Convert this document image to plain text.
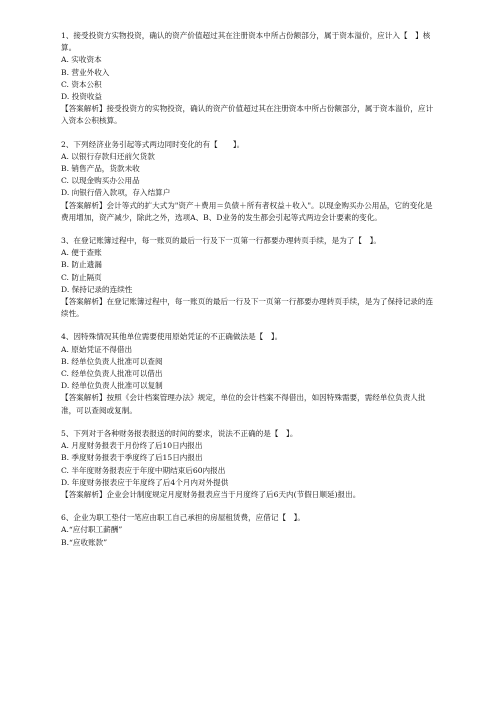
1、接受投资方实物投资，确认的资产价值超过其在注册资本中所占份额部分，属于资本溢价，应计入【　】核算。
A. 实收资本
B. 营业外收入
C. 资本公积
D. 投资收益
【答案解析】接受投资方的实物投资，确认的资产价值超过其在注册资本中所占份额部分，属于资本溢价，应计入资本公积核算。
2、下列经济业务引起等式两边同时变化的有【　　】。
A. 以银行存款归还前欠货款
B. 销售产品，货款未收
C. 以现金购买办公用品
D. 向银行借入款项，存入结算户
【答案解析】会计等式的扩大式为"资产＋费用＝负债＋所有者权益＋收入"。以现金购买办公用品，它的变化是费用增加，资产减少，除此之外，选项A、B、D业务的发生都会引起等式两边会计要素的变化。
3、在登记账簿过程中，每一账页的最后一行及下一页第一行都要办理转页手续，是为了【　】。
A. 便于查账
B. 防止遗漏
C. 防止隔页
D. 保持记录的连续性
【答案解析】在登记账簿过程中，每一账页的最后一行及下一页第一行都要办理转页手续，是为了保持记录的连续性。
4、因特殊情况其他单位需要使用原始凭证的不正确做法是【　】。
A. 原始凭证不得借出
B. 经单位负责人批准可以查阅
C. 经单位负责人批准可以借出
D. 经单位负责人批准可以复制
【答案解析】按照《会计档案管理办法》规定，单位的会计档案不得借出，如因特殊需要，需经单位负责人批准，可以查阅或复制。
5、下列对于各种财务报表报送的时间的要求，说法不正确的是【　】。
A. 月度财务报表于月份终了后10日内报出
B. 季度财务报表于季度终了后15日内报出
C. 半年度财务报表应于年度中期结束后60内报出
D. 年度财务报表应于年度终了后4个月内对外提供
【答案解析】企业会计制度规定月度财务报表应当于月度终了后6天内(节假日顺延)报出。
6、企业为职工垫付一笔应由职工自己承担的房屋租赁费，应借记【　】。
A.“应付职工薪酬”
B.“应收账款”
